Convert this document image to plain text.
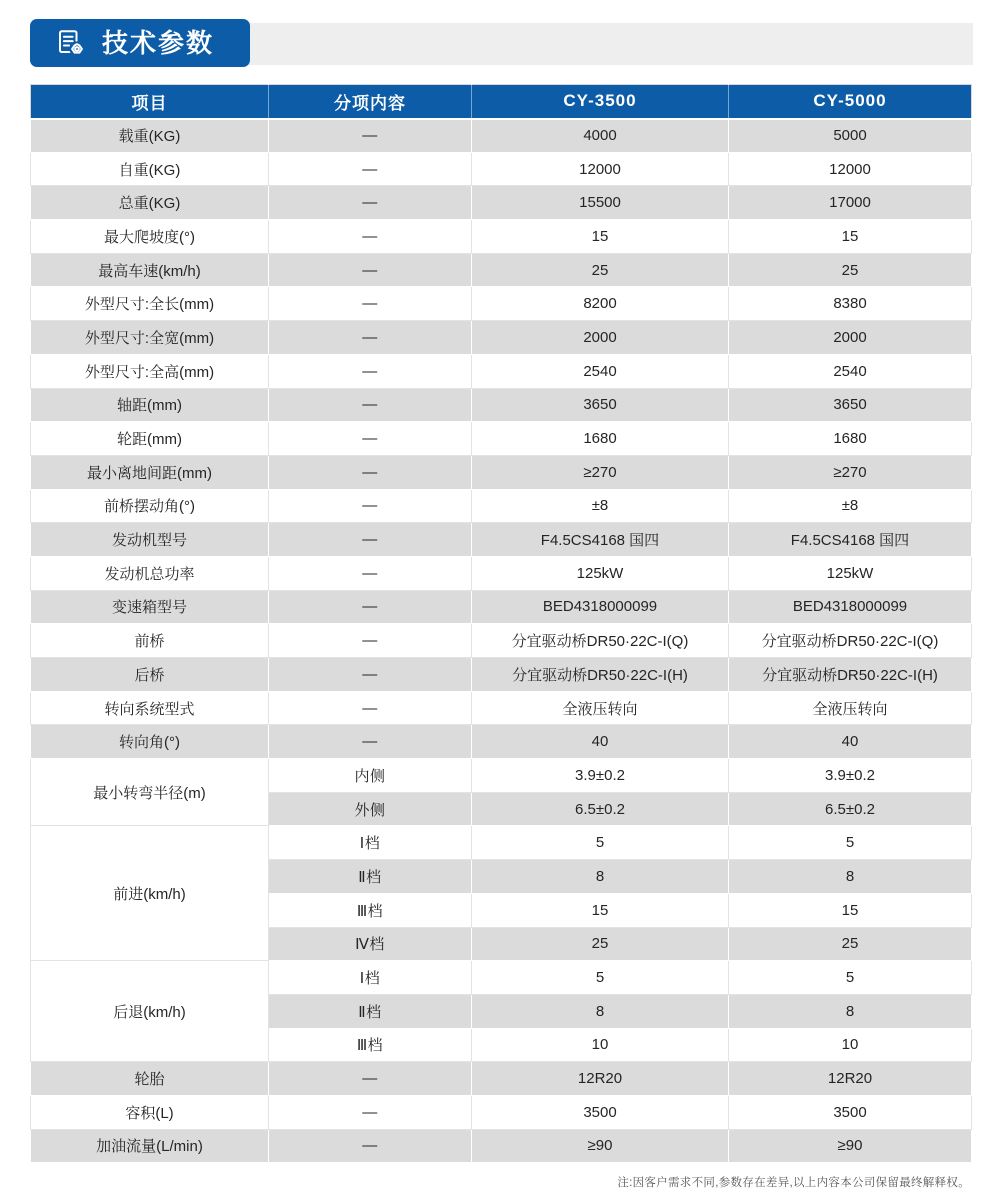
技术参数
项目	分项内容	CY-3500	CY-5000
载重(KG)	—	4000	5000
自重(KG)	—	12000	12000
总重(KG)	—	15500	17000
最大爬坡度(°)	—	15	15
最高车速(km/h)	—	25	25
外型尺寸:全长(mm)	—	8200	8380
外型尺寸:全宽(mm)	—	2000	2000
外型尺寸:全高(mm)	—	2540	2540
轴距(mm)	—	3650	3650
轮距(mm)	—	1680	1680
最小离地间距(mm)	—	≥270	≥270
前桥摆动角(°)	—	±8	±8
发动机型号	—	F4.5CS4168 国四	F4.5CS4168 国四
发动机总功率	—	125kW	125kW
变速箱型号	—	BED4318000099	BED4318000099
前桥	—	分宜驱动桥DR50·22C-I(Q)	分宜驱动桥DR50·22C-I(Q)
后桥	—	分宜驱动桥DR50·22C-I(H)	分宜驱动桥DR50·22C-I(H)
转向系统型式	—	全液压转向	全液压转向
转向角(°)	—	40	40
最小转弯半径(m)	内侧	3.9±0.2	3.9±0.2
	外侧	6.5±0.2	6.5±0.2
前进(km/h)	Ⅰ档	5	5
	Ⅱ档	8	8
	Ⅲ档	15	15
	Ⅳ档	25	25
后退(km/h)	Ⅰ档	5	5
	Ⅱ档	8	8
	Ⅲ档	10	10
轮胎	—	12R20	12R20
容积(L)	—	3500	3500
加油流量(L/min)	—	≥90	≥90
注:因客户需求不同,参数存在差异,以上内容本公司保留最终解释权。
